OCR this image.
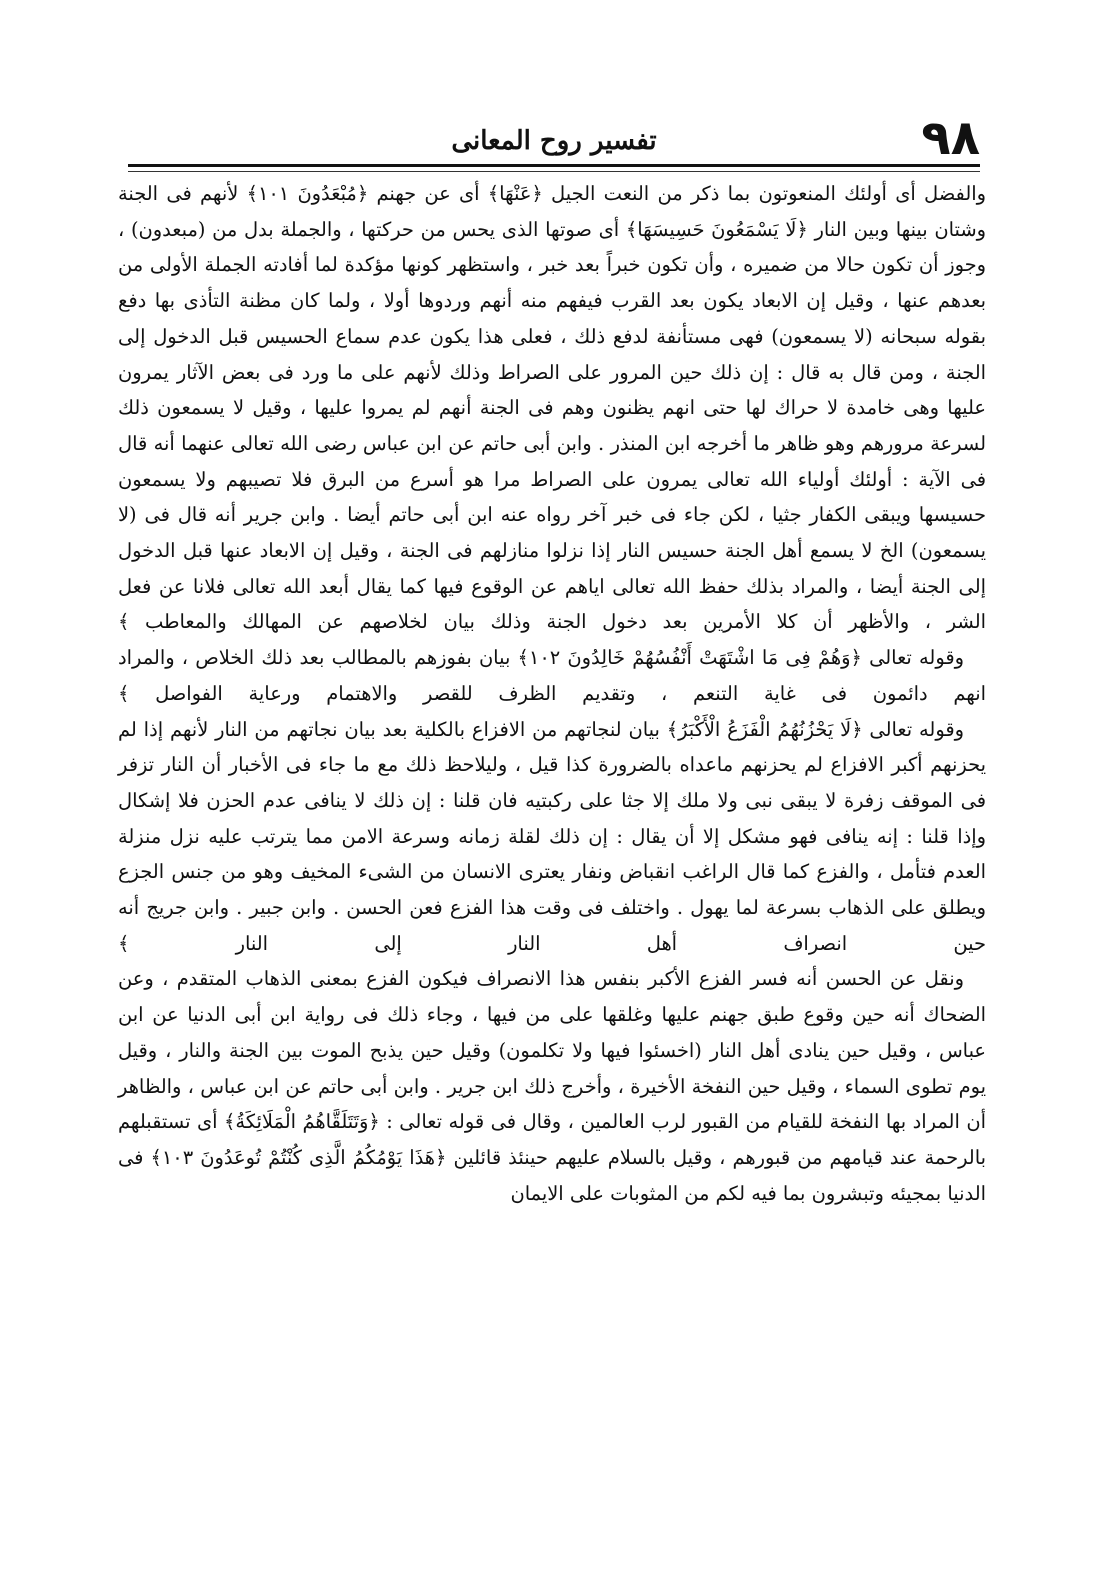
٩٨
تفسير روح المعانى

والفضل أى أولئك المنعوتون بما ذكر من النعت الجيل ﴿عَنْهَا﴾ أى عن جهنم ﴿مُبْعَدُونَ ١٠١﴾ لأنهم فى الجنة وشتان بينها وبين النار ﴿لَا يَسْمَعُونَ حَسِيسَهَا﴾ أى صوتها الذى يحس من حركتها ، والجملة بدل من (مبعدون) ، وجوز أن تكون حالا من ضميره ، وأن تكون خبراً بعد خبر ، واستظهر كونها مؤكدة لما أفادته الجملة الأولى من بعدهم عنها ، وقيل إن الابعاد يكون بعد القرب فيفهم منه أنهم وردوها أولا ، ولما كان مظنة التأذى بها دفع بقوله سبحانه (لا يسمعون) فهى مستأنفة لدفع ذلك ، فعلى هذا يكون عدم سماع الحسيس قبل الدخول إلى الجنة ، ومن قال به قال : إن ذلك حين المرور على الصراط وذلك لأنهم على ما ورد فى بعض الآثار يمرون عليها وهى خامدة لا حراك لها حتى انهم يظنون وهم فى الجنة أنهم لم يمروا عليها ، وقيل لا يسمعون ذلك لسرعة مرورهم وهو ظاهر ما أخرجه ابن المنذر . وابن أبى حاتم عن ابن عباس رضى الله تعالى عنهما أنه قال فى الآية : أولئك أولياء الله تعالى يمرون على الصراط مرا هو أسرع من البرق فلا تصيبهم ولا يسمعون حسيسها ويبقى الكفار جثيا ، لكن جاء فى خبر آخر رواه عنه ابن أبى حاتم أيضا . وابن جرير أنه قال فى (لا يسمعون) الخ لا يسمع أهل الجنة حسيس النار إذا نزلوا منازلهم فى الجنة ، وقيل إن الابعاد عنها قبل الدخول إلى الجنة أيضا ، والمراد بذلك حفظ الله تعالى اياهم عن الوقوع فيها كما يقال أبعد الله تعالى فلانا عن فعل الشر ، والأظهر أن كلا الأمرين بعد دخول الجنة وذلك بيان لخلاصهم عن المهالك والمعاطب ﴾

وقوله تعالى ﴿وَهُمْ فِى مَا اشْتَهَتْ أَنْفُسُهُمْ خَالِدُونَ ١٠٢﴾ بيان بفوزهم بالمطالب بعد ذلك الخلاص ، والمراد انهم دائمون فى غاية التنعم ، وتقديم الظرف للقصر والاهتمام ورعاية الفواصل ﴾

وقوله تعالى ﴿لَا يَحْزُنُهُمُ الْفَزَعُ الْأَكْبَرُ﴾ بيان لنجاتهم من الافزاع بالكلية بعد بيان نجاتهم من النار لأنهم إذا لم يحزنهم أكبر الافزاع لم يحزنهم ماعداه بالضرورة كذا قيل ، وليلاحظ ذلك مع ما جاء فى الأخبار أن النار تزفر فى الموقف زفرة لا يبقى نبى ولا ملك إلا جثا على ركبتيه فان قلنا : إن ذلك لا ينافى عدم الحزن فلا إشكال وإذا قلنا : إنه ينافى فهو مشكل إلا أن يقال : إن ذلك لقلة زمانه وسرعة الامن مما يترتب عليه نزل منزلة العدم فتأمل ، والفزع كما قال الراغب انقباض ونفار يعترى الانسان من الشىء المخيف وهو من جنس الجزع ويطلق على الذهاب بسرعة لما يهول . واختلف فى وقت هذا الفزع فعن الحسن . وابن جبير . وابن جريج أنه حين انصراف أهل النار إلى النار ﴾

ونقل عن الحسن أنه فسر الفزع الأكبر بنفس هذا الانصراف فيكون الفزع بمعنى الذهاب المتقدم ، وعن الضحاك أنه حين وقوع طبق جهنم عليها وغلقها على من فيها ، وجاء ذلك فى رواية ابن أبى الدنيا عن ابن عباس ، وقيل حين ينادى أهل النار (اخسئوا فيها ولا تكلمون) وقيل حين يذبح الموت بين الجنة والنار ، وقيل يوم تطوى السماء ، وقيل حين النفخة الأخيرة ، وأخرج ذلك ابن جرير . وابن أبى حاتم عن ابن عباس ، والظاهر أن المراد بها النفخة للقيام من القبور لرب العالمين ، وقال فى قوله تعالى : ﴿وَتَتَلَقَّاهُمُ الْمَلَائِكَةُ﴾ أى تستقبلهم بالرحمة عند قيامهم من قبورهم ، وقيل بالسلام عليهم حينئذ قائلين ﴿هَذَا يَوْمُكُمُ الَّذِى كُنْتُمْ تُوعَدُونَ ١٠٣﴾ فى الدنيا بمجيئه وتبشرون بما فيه لكم من المثوبات على الايمان
